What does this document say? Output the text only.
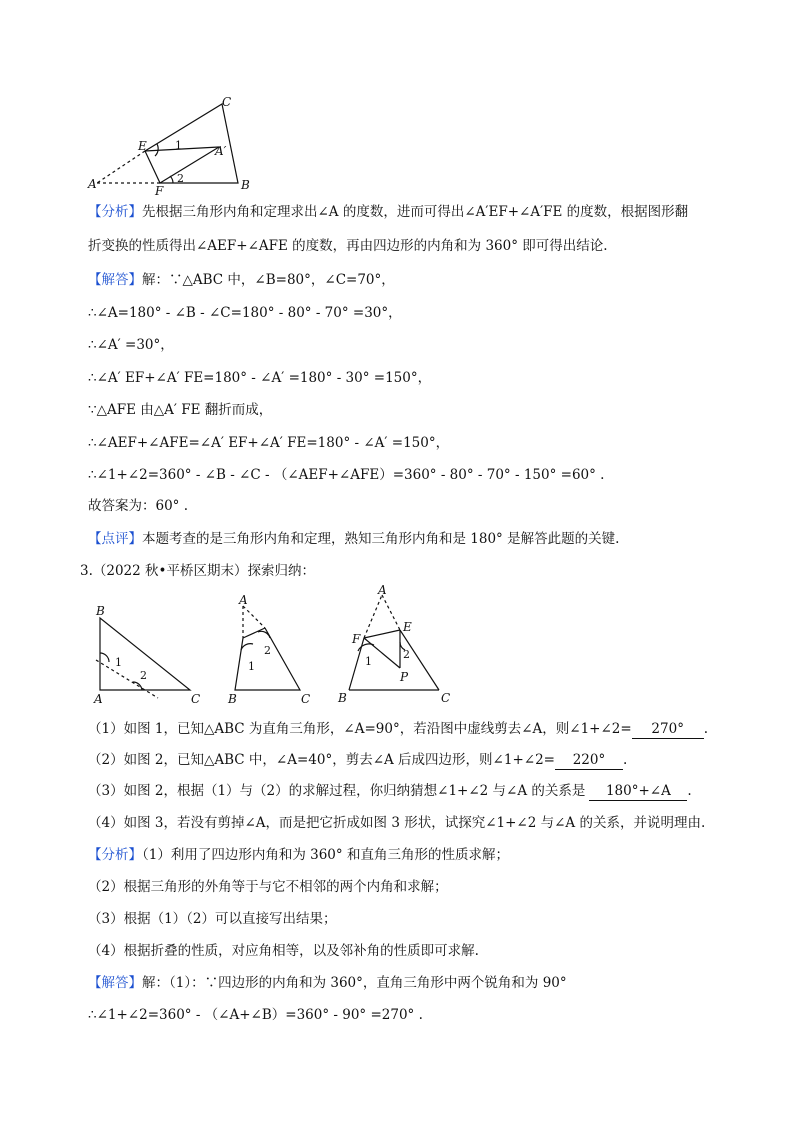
C
E	1	A′
2
A	F	B
【分析】先根据三角形内角和定理求出∠A 的度数，进而可得出∠A′EF+∠A′FE 的度数，根据图形翻
折变换的性质得出∠AEF+∠AFE 的度数，再由四边形的内角和为 360° 即可得出结论.
【解答】解：∵△ABC 中，∠B=80°，∠C=70°，
∴∠A=180° - ∠B - ∠C=180° - 80° - 70° =30°，
∴∠A′ =30°，
∴∠A′ EF+∠A′ FE=180° - ∠A′ =180° - 30° =150°，
∵△AFE 由△A′ FE 翻折而成，
∴∠AEF+∠AFE=∠A′ EF+∠A′ FE=180° - ∠A′ =150°，
∴∠1+∠2=360° - ∠B - ∠C - （∠AEF+∠AFE）=360° - 80° - 70° - 150° =60° .
故答案为：60° .
【点评】本题考查的是三角形内角和定理，熟知三角形内角和是 180° 是解答此题的关键.
3.（2022 秋•平桥区期末）探索归纳：
B
1
2
A	C
A
2
1
B	C
A
F
E
2
1
P
B	C
（1）如图 1，已知△ABC 为直角三角形，∠A=90°，若沿图中虚线剪去∠A，则∠1+∠2= 270° .
（2）如图 2，已知△ABC 中，∠A=40°，剪去∠A 后成四边形，则∠1+∠2= 220° .
（3）如图 2，根据（1）与（2）的求解过程，你归纳猜想∠1+∠2 与∠A 的关系是 180°+∠A .
（4）如图 3，若没有剪掉∠A，而是把它折成如图 3 形状，试探究∠1+∠2 与∠A 的关系，并说明理由.
【分析】（1）利用了四边形内角和为 360° 和直角三角形的性质求解；
（2）根据三角形的外角等于与它不相邻的两个内角和求解；
（3）根据（1）（2）可以直接写出结果；
（4）根据折叠的性质，对应角相等，以及邻补角的性质即可求解.
【解答】解：（1）：∵四边形的内角和为 360°，直角三角形中两个锐角和为 90°
∴∠1+∠2=360° - （∠A+∠B）=360° - 90° =270° .
